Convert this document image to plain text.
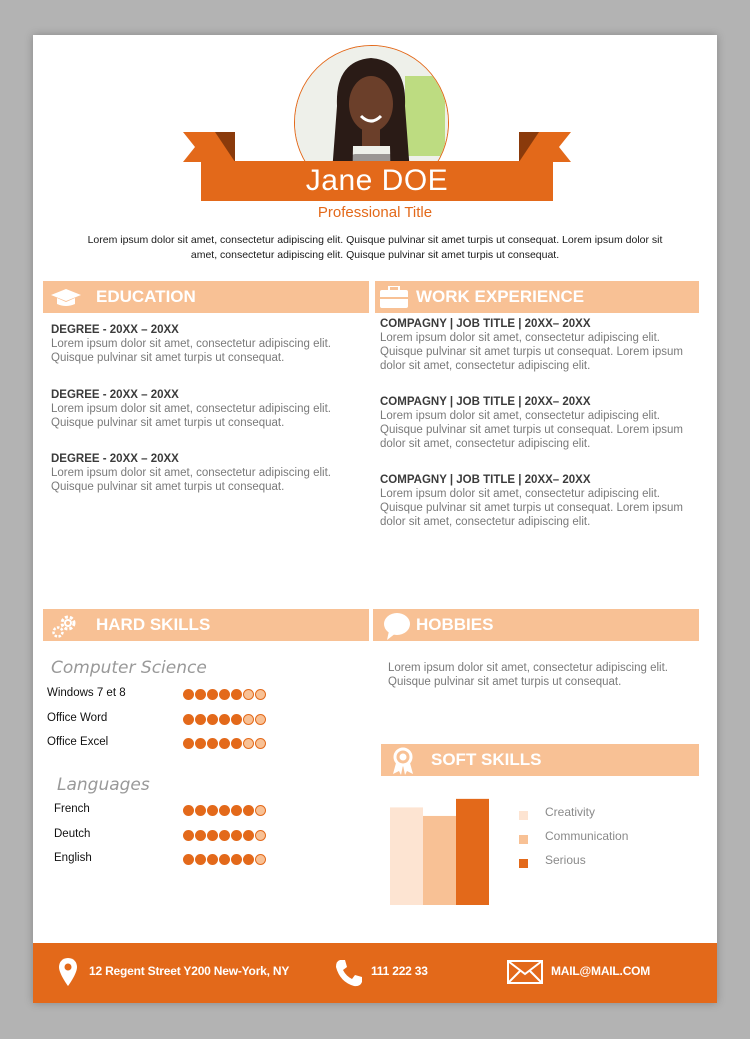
Jane DOE
Professional Title
Lorem ipsum dolor sit amet, consectetur adipiscing elit. Quisque pulvinar sit amet turpis ut consequat. Lorem ipsum dolor sit amet, consectetur adipiscing elit. Quisque pulvinar sit amet turpis ut consequat.
EDUCATION
DEGREE - 20XX – 20XX
Lorem ipsum dolor sit amet, consectetur adipiscing elit. Quisque pulvinar sit amet turpis ut consequat.
DEGREE - 20XX – 20XX
Lorem ipsum dolor sit amet, consectetur adipiscing elit. Quisque pulvinar sit amet turpis ut consequat.
DEGREE - 20XX – 20XX
Lorem ipsum dolor sit amet, consectetur adipiscing elit. Quisque pulvinar sit amet turpis ut consequat.
WORK EXPERIENCE
COMPAGNY | JOB TITLE | 20XX– 20XX
Lorem ipsum dolor sit amet, consectetur adipiscing elit. Quisque pulvinar sit amet turpis ut consequat. Lorem ipsum dolor sit amet, consectetur adipiscing elit.
COMPAGNY | JOB TITLE | 20XX– 20XX
Lorem ipsum dolor sit amet, consectetur adipiscing elit. Quisque pulvinar sit amet turpis ut consequat. Lorem ipsum dolor sit amet, consectetur adipiscing elit.
COMPAGNY | JOB TITLE | 20XX– 20XX
Lorem ipsum dolor sit amet, consectetur adipiscing elit. Quisque pulvinar sit amet turpis ut consequat. Lorem ipsum dolor sit amet, consectetur adipiscing elit.
HARD SKILLS
Computer Science
Windows 7 et 8
Office Word
Office Excel
Languages
French
Deutch
English
HOBBIES
Lorem ipsum dolor sit amet, consectetur adipiscing elit. Quisque pulvinar sit amet turpis ut consequat.
SOFT SKILLS
Creativity
Communication
Serious
12 Regent Street Y200 New-York, NY	111 222 33	MAIL@MAIL.COM
